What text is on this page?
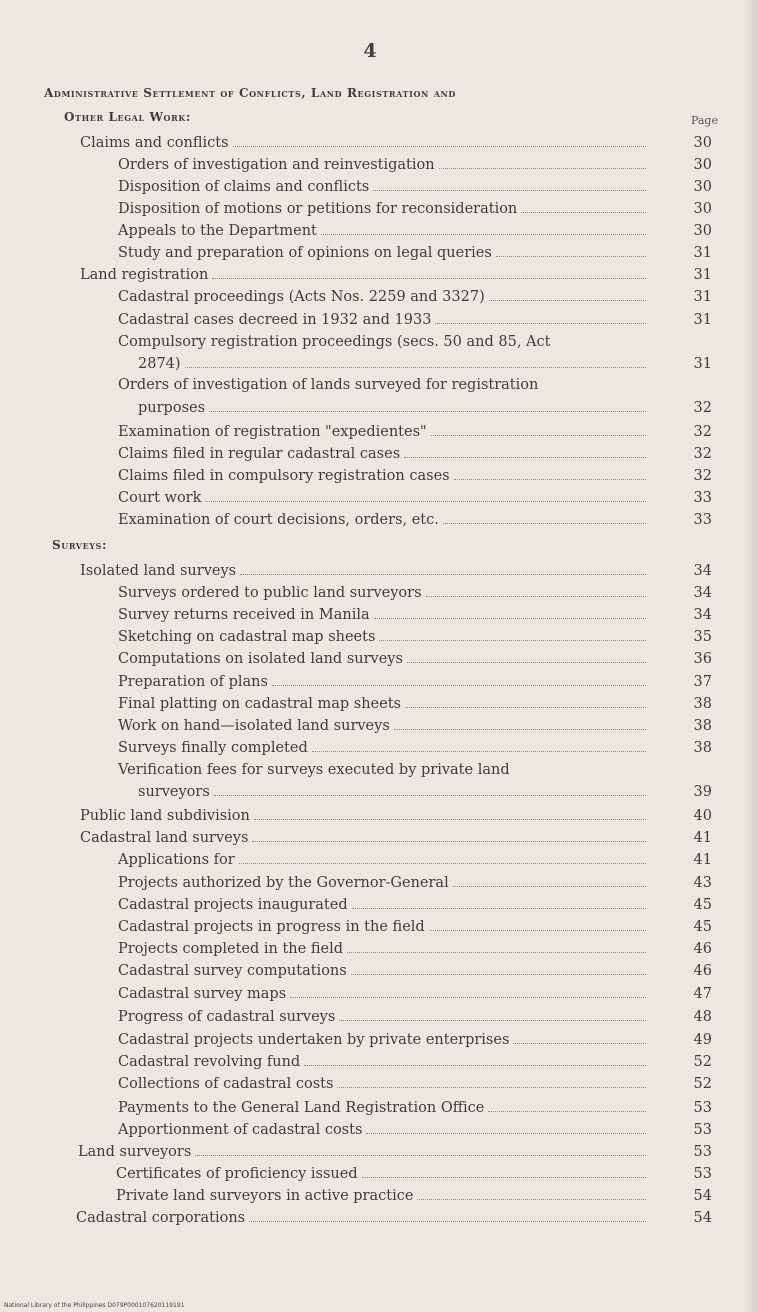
4
Page
Administrative Settlement of Conflicts, Land Registration and
Other Legal Work:
Surveys:
Claims and conflicts	30
Orders of investigation and reinvestigation	30
Disposition of claims and conflicts	30
Disposition of motions or petitions for reconsideration	30
Appeals to the Department	30
Study and preparation of opinions on legal queries	31
Land registration	31
Cadastral proceedings (Acts Nos. 2259 and 3327)	31
Cadastral cases decreed in 1932 and 1933	31
Compulsory registration proceedings (secs. 50 and 85, Act
2874)	31
Orders of investigation of lands surveyed for registration
purposes	32
Examination of registration "expedientes"	32
Claims filed in regular cadastral cases	32
Claims filed in compulsory registration cases	32
Court work	33
Examination of court decisions, orders, etc.	33
Isolated land surveys	34
Surveys ordered to public land surveyors	34
Survey returns received in Manila	34
Sketching on cadastral map sheets	35
Computations on isolated land surveys	36
Preparation of plans	37
Final platting on cadastral map sheets	38
Work on hand—isolated land surveys	38
Surveys finally completed	38
Verification fees for surveys executed by private land
surveyors	39
Public land subdivision	40
Cadastral land surveys	41
Applications for	41
Projects authorized by the Governor-General	43
Cadastral projects inaugurated	45
Cadastral projects in progress in the field	45
Projects completed in the field	46
Cadastral survey computations	46
Cadastral survey maps	47
Progress of cadastral surveys	48
Cadastral projects undertaken by private enterprises	49
Cadastral revolving fund	52
Collections of cadastral costs	52
Payments to the General Land Registration Office	53
Apportionment of cadastral costs	53
Land surveyors	53
Certificates of proficiency issued	53
Private land surveyors in active practice	54
Cadastral corporations	54
National Library of the Philippines D079P000107620119191
